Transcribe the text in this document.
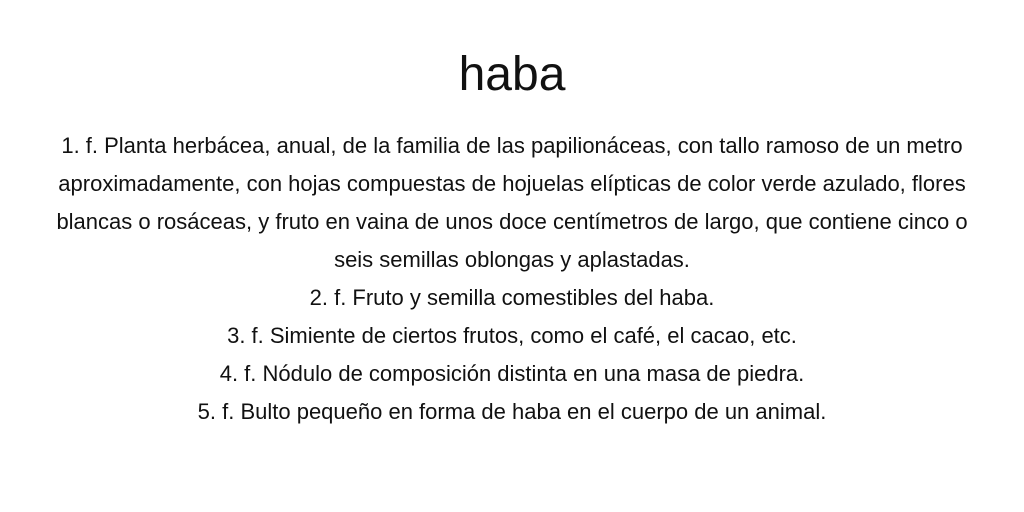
haba
1. f. Planta herbácea, anual, de la familia de las papilionáceas, con tallo ramoso de un metro aproximadamente, con hojas compuestas de hojuelas elípticas de color verde azulado, flores blancas o rosáceas, y fruto en vaina de unos doce centímetros de largo, que contiene cinco o seis semillas oblongas y aplastadas.
2. f. Fruto y semilla comestibles del haba.
3. f. Simiente de ciertos frutos, como el café, el cacao, etc.
4. f. Nódulo de composición distinta en una masa de piedra.
5. f. Bulto pequeño en forma de haba en el cuerpo de un animal.
